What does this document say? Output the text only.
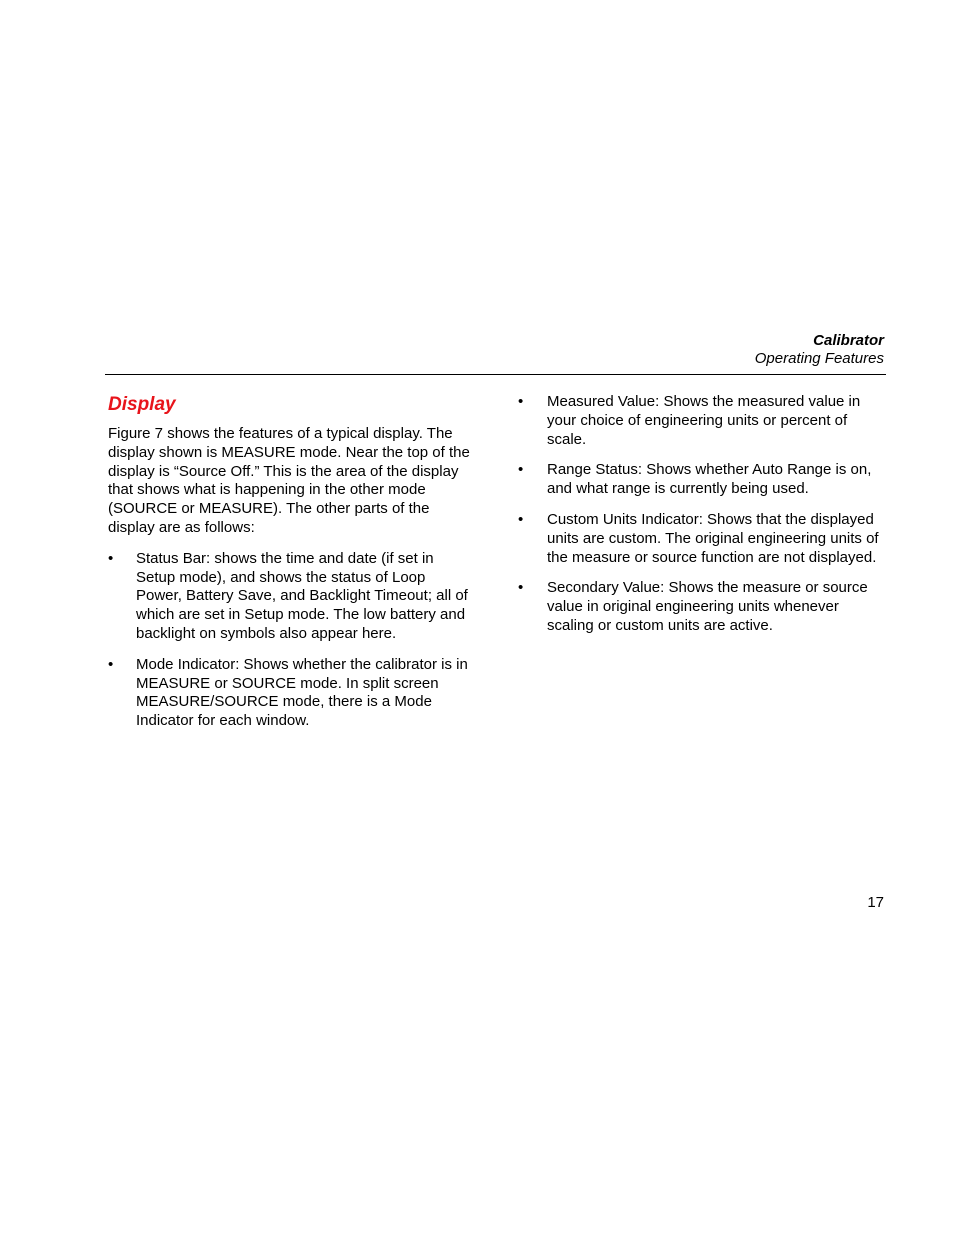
Calibrator
Operating Features
Display

Figure 7 shows the features of a typical display. The display shown is MEASURE mode. Near the top of the display is “Source Off.” This is the area of the display that shows what is happening in the other mode (SOURCE or MEASURE). The other parts of the display are as follows:

• Status Bar: shows the time and date (if set in Setup mode), and shows the status of Loop Power, Battery Save, and Backlight Timeout; all of which are set in Setup mode. The low battery and backlight on symbols also appear here.
• Mode Indicator: Shows whether the calibrator is in MEASURE or SOURCE mode. In split screen MEASURE/SOURCE mode, there is a Mode Indicator for each window.
• Measured Value: Shows the measured value in your choice of engineering units or percent of scale.
• Range Status: Shows whether Auto Range is on, and what range is currently being used.
• Custom Units Indicator: Shows that the displayed units are custom. The original engineering units of the measure or source function are not displayed.
• Secondary Value: Shows the measure or source value in original engineering units whenever scaling or custom units are active.
17
